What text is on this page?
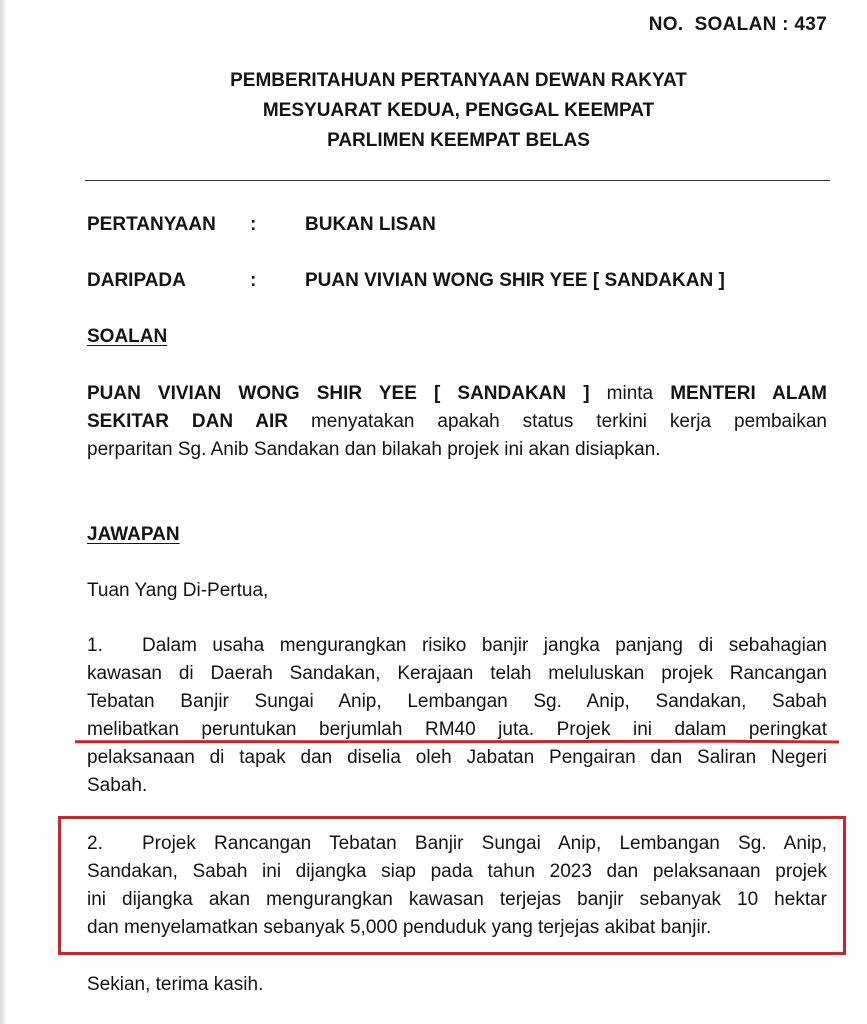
NO.  SOALAN : 437
PEMBERITAHUAN PERTANYAAN DEWAN RAKYAT
MESYUARAT KEDUA, PENGGAL KEEMPAT
PARLIMEN KEEMPAT BELAS
PERTANYAAN :	BUKAN LISAN
DARIPADA	:	PUAN VIVIAN WONG SHIR YEE [ SANDAKAN ]
SOALAN
PUAN VIVIAN WONG SHIR YEE [ SANDAKAN ] minta MENTERI ALAM
SEKITAR DAN AIR menyatakan apakah status terkini kerja pembaikan
perparitan Sg. Anib Sandakan dan bilakah projek ini akan disiapkan.
JAWAPAN
Tuan Yang Di-Pertua,
1. Dalam usaha mengurangkan risiko banjir jangka panjang di sebahagian
kawasan di Daerah Sandakan, Kerajaan telah meluluskan projek Rancangan
Tebatan Banjir Sungai Anip, Lembangan Sg. Anip, Sandakan, Sabah
melibatkan peruntukan berjumlah RM40 juta. Projek ini dalam peringkat
pelaksanaan di tapak dan diselia oleh Jabatan Pengairan dan Saliran Negeri
Sabah.
2. Projek Rancangan Tebatan Banjir Sungai Anip, Lembangan Sg. Anip,
Sandakan, Sabah ini dijangka siap pada tahun 2023 dan pelaksanaan projek
ini dijangka akan mengurangkan kawasan terjejas banjir sebanyak 10 hektar
dan menyelamatkan sebanyak 5,000 penduduk yang terjejas akibat banjir.
Sekian, terima kasih.
